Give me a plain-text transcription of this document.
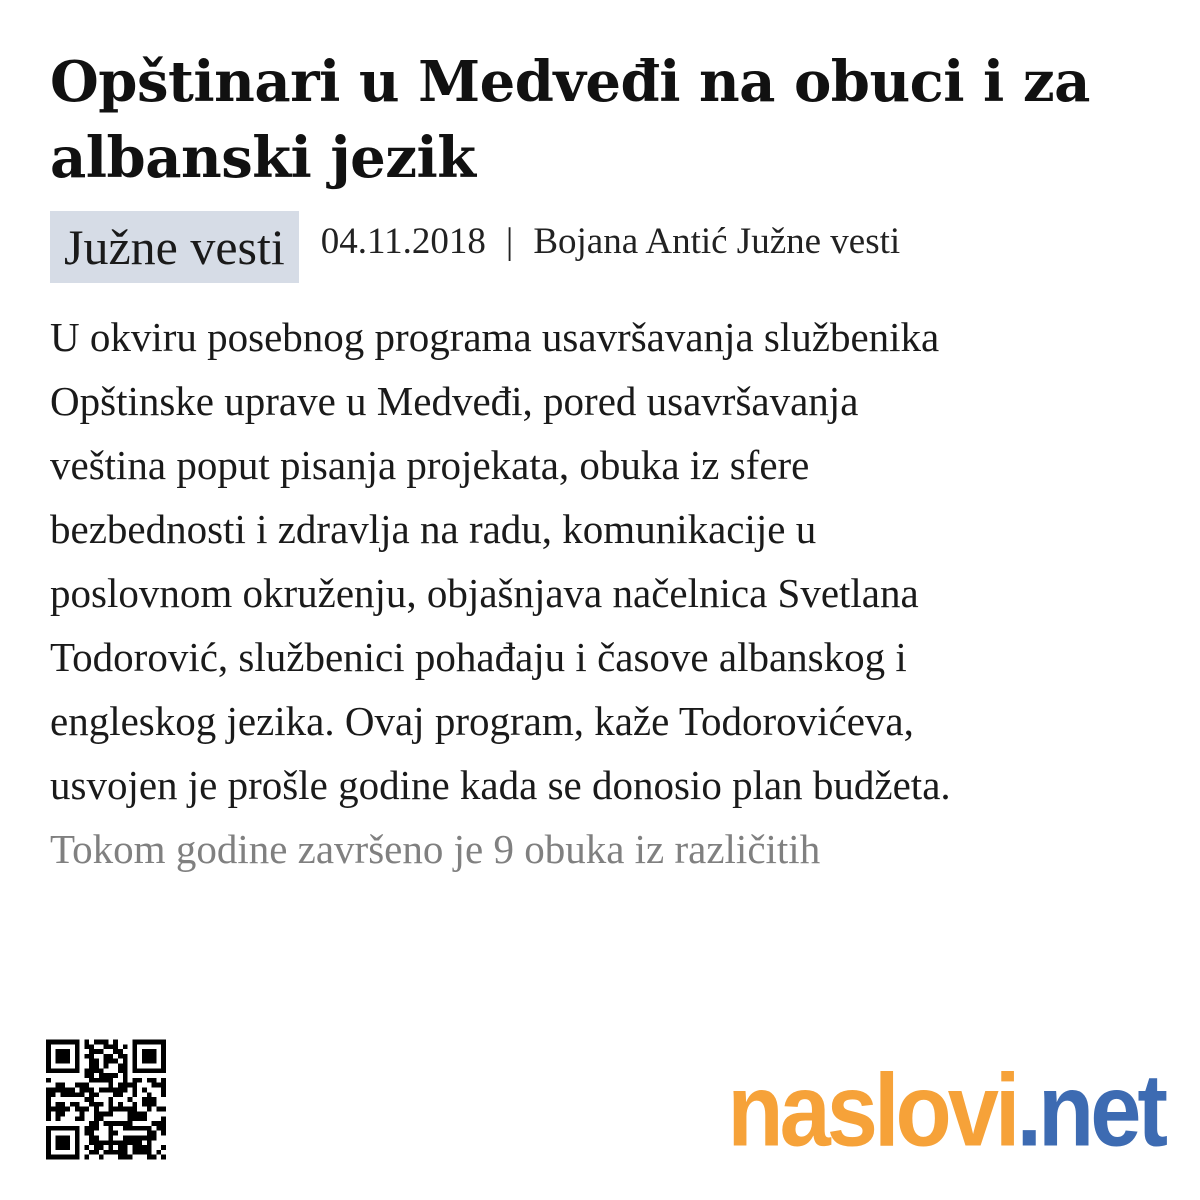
Opštinari u Medveđi na obuci i za albanski jezik
Južne vesti 04.11.2018 | Bojana Antić Južne vesti
U okviru posebnog programa usavršavanja službenika
Opštinske uprave u Medveđi, pored usavršavanja
veština poput pisanja projekata, obuka iz sfere
bezbednosti i zdravlja na radu, komunikacije u
poslovnom okruženju, objašnjava načelnica Svetlana
Todorović, službenici pohađaju i časove albanskog i
engleskog jezika. Ovaj program, kaže Todorovićeva,
usvojen je prošle godine kada se donosio plan budžeta.
Tokom godine završeno je 9 obuka iz različitih
naslovi .net
